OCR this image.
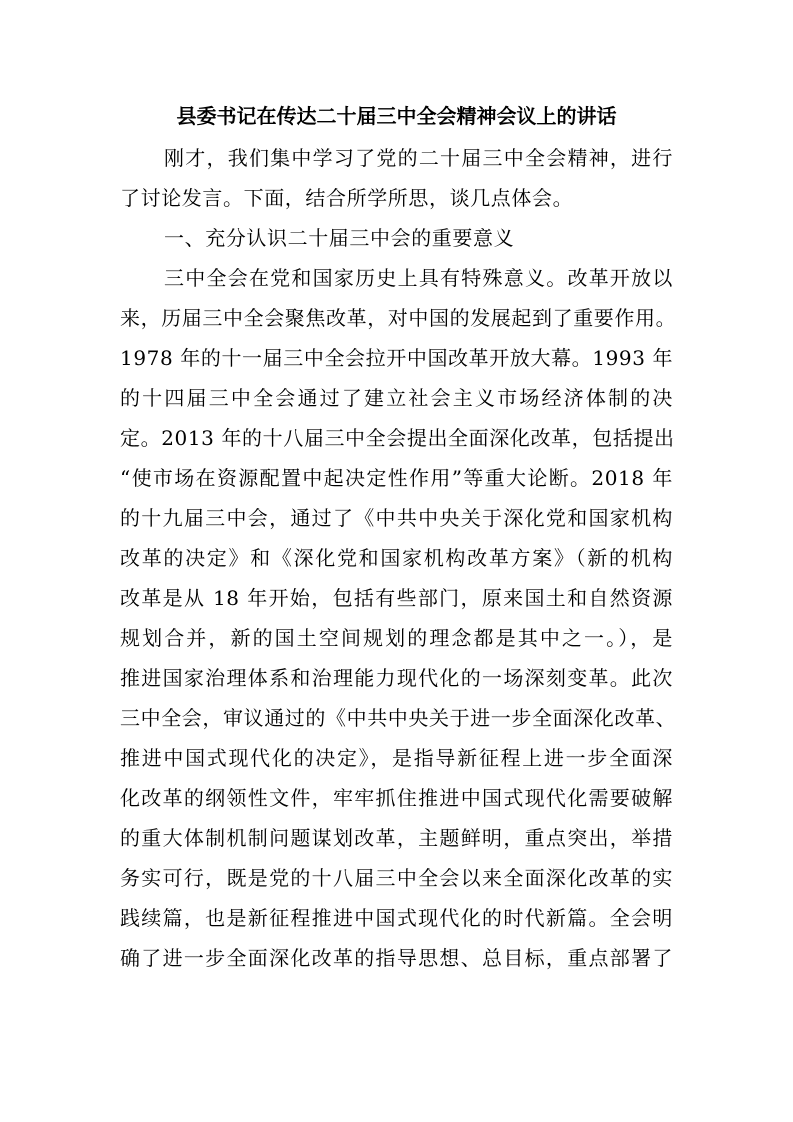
县委书记在传达二十届三中全会精神会议上的讲话

刚才，我们集中学习了党的二十届三中全会精神，进行
了讨论发言。下面，结合所学所思，谈几点体会。

一、充分认识二十届三中会的重要意义

三中全会在党和国家历史上具有特殊意义。改革开放以
来，历届三中全会聚焦改革，对中国的发展起到了重要作用。
1978 年的十一届三中全会拉开中国改革开放大幕。1993 年
的十四届三中全会通过了建立社会主义市场经济体制的决
定。2013 年的十八届三中全会提出全面深化改革，包括提出
“使市场在资源配置中起决定性作用”等重大论断。2018 年
的十九届三中会，通过了《中共中央关于深化党和国家机构
改革的决定》和《深化党和国家机构改革方案》（新的机构
改革是从 18 年开始，包括有些部门，原来国土和自然资源
规划合并，新的国土空间规划的理念都是其中之一。），是
推进国家治理体系和治理能力现代化的一场深刻变革。此次
三中全会，审议通过的《中共中央关于进一步全面深化改革、
推进中国式现代化的决定》，是指导新征程上进一步全面深
化改革的纲领性文件，牢牢抓住推进中国式现代化需要破解
的重大体制机制问题谋划改革，主题鲜明，重点突出，举措
务实可行，既是党的十八届三中全会以来全面深化改革的实
践续篇，也是新征程推进中国式现代化的时代新篇。全会明
确了进一步全面深化改革的指导思想、总目标，重点部署了
